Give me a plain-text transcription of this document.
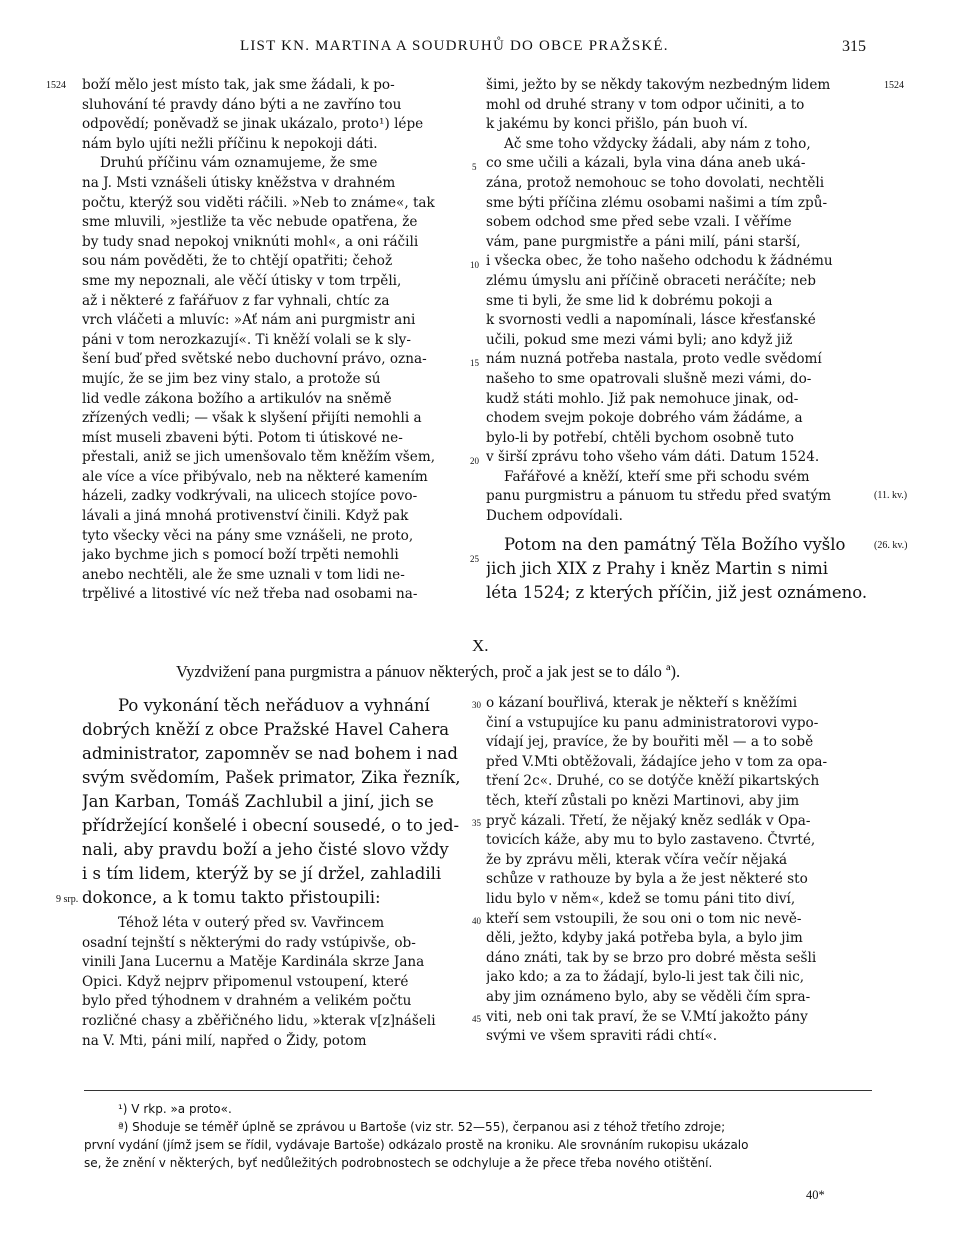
LIST KN. MARTINA A SOUDRUHŮ DO OBCE PRAŽSKÉ.	315
1524	1524
5
10
15
20
25
(11. kv.)
(26. kv.)
boží mělo jest místo tak, jak sme žádali, k po-
sluhování té pravdy dáno býti a ne zavříno tou
odpovědí; poněvadž se jinak ukázalo, proto¹) lépe
nám bylo ujíti nežli příčinu k nepokoji dáti.
Druhú příčinu vám oznamujeme, že sme
na J. Msti vznášeli útisky kněžstva v drahném
počtu, kterýž sou viděti ráčili. »Neb to známe«, tak
sme mluvili, »jestliže ta věc nebude opatřena, že
by tudy snad nepokoj vniknúti mohl«, a oni ráčili
sou nám pověděti, že to chtějí opatřiti; čehož
sme my nepoznali, ale věčí útisky v tom trpěli,
až i některé z fařářuov z far vyhnali, chtíc za
vrch vláčeti a mluvíc: »Ať nám ani purgmistr ani
páni v tom nerozkazují«. Ti kněží volali se k sly-
šení buď před světské nebo duchovní právo, ozna-
mujíc, že se jim bez viny stalo, a protože sú
lid vedle zákona božího a artikulóv na sněmě
zřízených vedli; — však k slyšení přijíti nemohli a
míst museli zbaveni býti. Potom ti útiskové ne-
přestali, aniž se jich umenšovalo těm kněžím všem,
ale více a více přibývalo, neb na některé kamením
házeli, zadky vodkrývali, na ulicech stojíce povo-
lávali a jiná mnohá protivenství činili. Když pak
tyto všecky věci na pány sme vznášeli, ne proto,
jako bychme jich s pomocí boží trpěti nemohli
anebo nechtěli, ale že sme uznali v tom lidi ne-
trpělivé a litostivé víc než třeba nad osobami na-
šimi, ježto by se někdy takovým nezbedným lidem
mohl od druhé strany v tom odpor učiniti, a to
k jakému by konci přišlo, pán buoh ví.
Ač sme toho vždycky žádali, aby nám z toho,
co sme učili a kázali, byla vina dána aneb uká-
zána, protož nemohouc se toho dovolati, nechtěli
sme býti příčina zlému osobami našimi a tím způ-
sobem odchod sme před sebe vzali. I věříme
vám, pane purgmistře a páni milí, páni starší,
i všecka obec, že toho našeho odchodu k žádnému
zlému úmyslu ani příčině obraceti neráčíte; neb
sme ti byli, že sme lid k dobrému pokoji a
k svornosti vedli a napomínali, lásce křesťanské
učili, pokud sme mezi vámi byli; ano když již
nám nuzná potřeba nastala, proto vedle svědomí
našeho to sme opatrovali slušně mezi vámi, do-
kudž státi mohlo. Již pak nemohuce jinak, od-
chodem svejm pokoje dobrého vám žádáme, a
bylo-li by potřebí, chtěli bychom osobně tuto
v širší zprávu toho všeho vám dáti. Datum 1524.
Fařářové a kněží, kteří sme při schodu svém
panu purgmistru a pánuom tu středu před svatým
Duchem odpovídali.
Potom na den památný Těla Božího vyšlo
jich jich XIX z Prahy i kněz Martin s nimi
léta 1524; z kterých příčin, již jest oznámeno.
X.
Vyzdvižení pana purgmistra a pánuov některých, proč a jak jest se to dálo ª).
Po vykonání těch neřáduov a vyhnání
dobrých kněží z obce Pražské Havel Cahera
administrator, zapomněv se nad bohem i nad
svým svědomím, Pašek primator, Zika řezník,
Jan Karban, Tomáš Zachlubil a jiní, jich se
přídržející konšelé i obecní sousedé, o to jed-
nali, aby pravdu boží a jeho čisté slovo vždy
i s tím lidem, kterýž by se jí držel, zahladili
dokonce, a k tomu takto přistoupili:
Téhož léta v outerý před sv. Vavřincem
osadní tejnští s některými do rady vstúpivše, ob-
vinili Jana Lucernu a Matěje Kardinála skrze Jana
Opici. Když nejprv připomenul vstoupení, které
bylo před týhodnem v drahném a velikém počtu
rozličné chasy a zběřičného lidu, »kterak v[z]nášeli
na V. Mti, páni milí, napřed o Židy, potom
30
35
40
45
9 srp.
o kázaní bouřlivá, kterak je někteří s kněžími
činí a vstupujíce ku panu administratorovi vypo-
vídají jej, pravíce, že by bouřiti měl — a to sobě
před V.Mti obtěžovali, žádajíce jeho v tom za opa-
tření 2c«. Druhé, co se dotýče kněží pikartských
těch, kteří zůstali po knězi Martinovi, aby jim
pryč kázali. Třetí, že nějaký kněz sedlák v Opa-
tovicích káže, aby mu to bylo zastaveno. Čtvrté,
že by zprávu měli, kterak včíra večír nějaká
schůze v rathouze by byla a že jest některé sto
lidu bylo v něm«, kdež se tomu páni tito diví,
kteří sem vstoupili, že sou oni o tom nic nevě-
děli, ježto, kdyby jaká potřeba byla, a bylo jim
dáno znáti, tak by se brzo pro dobré města sešli
jako kdo; a za to žádají, bylo-li jest tak čili nic,
aby jim oznámeno bylo, aby se věděli čím spra-
viti, neb oni tak praví, že se V.Mtí jakožto pány
svými ve všem spraviti rádi chtí«.

¹) V rkp. »a proto«.

ª) Shoduje se téměř úplně se zprávou u Bartoše (viz str. 52—55), čerpanou asi z téhož třetího zdroje;

první vydání (jímž jsem se řídil, vydávaje Bartoše) odkázalo prostě na kroniku. Ale srovnáním rukopisu ukázalo

se, že znění v některých, byť nedůležitých podrobnostech se odchyluje a že přece třeba nového otištění.

40*
